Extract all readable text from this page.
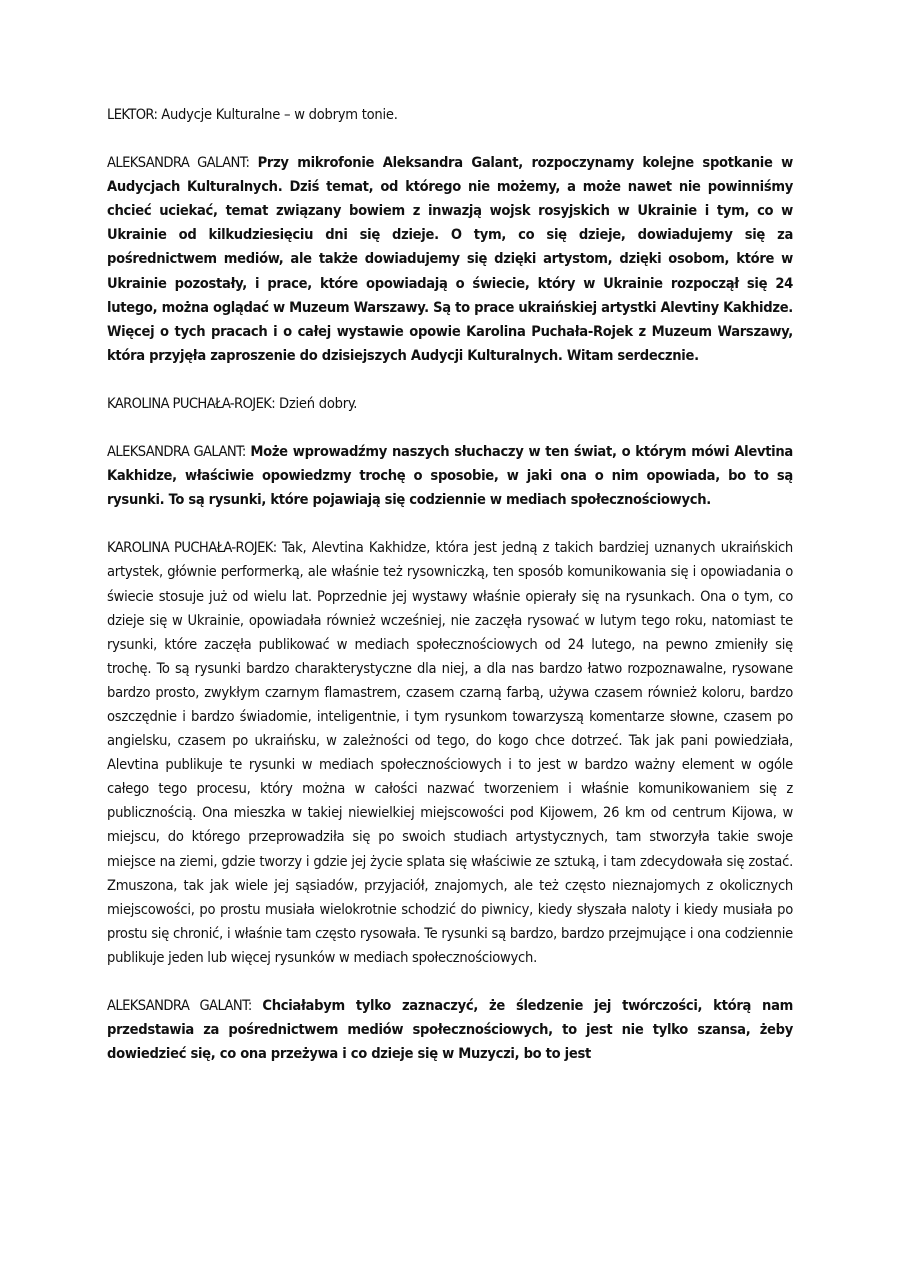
LEKTOR: Audycje Kulturalne – w dobrym tonie.

ALEKSANDRA GALANT: Przy mikrofonie Aleksandra Galant, rozpoczynamy kolejne spotkanie w Audycjach Kulturalnych. Dziś temat, od którego nie możemy, a może nawet nie powinniśmy chcieć uciekać, temat związany bowiem z inwazją wojsk rosyjskich w Ukrainie i tym, co w Ukrainie od kilkudziesięciu dni się dzieje. O tym, co się dzieje, dowiadujemy się za pośrednictwem mediów, ale także dowiadujemy się dzięki artystom, dzięki osobom, które w Ukrainie pozostały, i prace, które opowiadają o świecie, który w Ukrainie rozpoczął się 24 lutego, można oglądać w Muzeum Warszawy. Są to prace ukraińskiej artystki Alevtiny Kakhidze. Więcej o tych pracach i o całej wystawie opowie Karolina Puchała-Rojek z Muzeum Warszawy, która przyjęła zaproszenie do dzisiejszych Audycji Kulturalnych. Witam serdecznie.

KAROLINA PUCHAŁA-ROJEK: Dzień dobry.

ALEKSANDRA GALANT: Może wprowadźmy naszych słuchaczy w ten świat, o którym mówi Alevtina Kakhidze, właściwie opowiedzmy trochę o sposobie, w jaki ona o nim opowiada, bo to są rysunki. To są rysunki, które pojawiają się codziennie w mediach społecznościowych.

KAROLINA PUCHAŁA-ROJEK: Tak, Alevtina Kakhidze, która jest jedną z takich bardziej uznanych ukraińskich artystek, głównie performerką, ale właśnie też rysowniczką, ten sposób komunikowania się i opowiadania o świecie stosuje już od wielu lat. Poprzednie jej wystawy właśnie opierały się na rysunkach. Ona o tym, co dzieje się w Ukrainie, opowiadała również wcześniej, nie zaczęła rysować w lutym tego roku, natomiast te rysunki, które zaczęła publikować w mediach społecznościowych od 24 lutego, na pewno zmieniły się trochę. To są rysunki bardzo charakterystyczne dla niej, a dla nas bardzo łatwo rozpoznawalne, rysowane bardzo prosto, zwykłym czarnym flamastrem, czasem czarną farbą, używa czasem również koloru, bardzo oszczędnie i bardzo świadomie, inteligentnie, i tym rysunkom towarzyszą komentarze słowne, czasem po angielsku, czasem po ukraińsku, w zależności od tego, do kogo chce dotrzeć. Tak jak pani powiedziała, Alevtina publikuje te rysunki w mediach społecznościowych i to jest w bardzo ważny element w ogóle całego tego procesu, który można w całości nazwać tworzeniem i właśnie komunikowaniem się z publicznością. Ona mieszka w takiej niewielkiej miejscowości pod Kijowem, 26 km od centrum Kijowa, w miejscu, do którego przeprowadziła się po swoich studiach artystycznych, tam stworzyła takie swoje miejsce na ziemi, gdzie tworzy i gdzie jej życie splata się właściwie ze sztuką, i tam zdecydowała się zostać. Zmuszona, tak jak wiele jej sąsiadów, przyjaciół, znajomych, ale też często nieznajomych z okolicznych miejscowości, po prostu musiała wielokrotnie schodzić do piwnicy, kiedy słyszała naloty i kiedy musiała po prostu się chronić, i właśnie tam często rysowała. Te rysunki są bardzo, bardzo przejmujące i ona codziennie publikuje jeden lub więcej rysunków w mediach społecznościowych.

ALEKSANDRA GALANT: Chciałabym tylko zaznaczyć, że śledzenie jej twórczości, którą nam przedstawia za pośrednictwem mediów społecznościowych, to jest nie tylko szansa, żeby dowiedzieć się, co ona przeżywa i co dzieje się w Muzyczi, bo to jest
